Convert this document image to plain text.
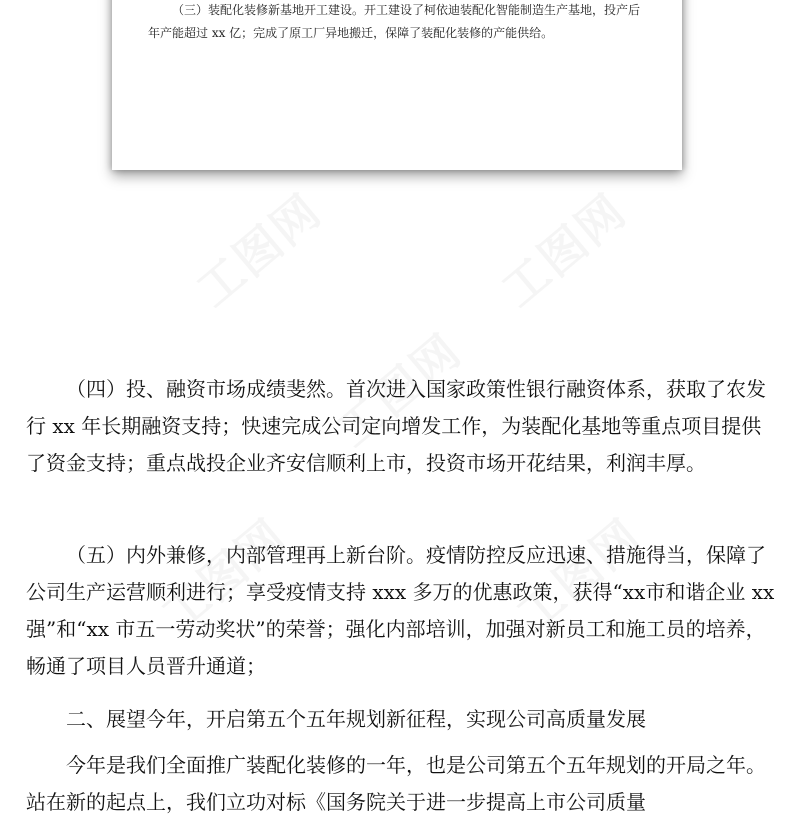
（三）装配化装修新基地开工建设。开工建设了柯依迪装配化智能制造生产基地，投产后年产能超过 xx 亿；完成了原工厂异地搬迁，保障了装配化装修的产能供给。

工图网	工图网
工图网
工图网	工图网

（四）投、融资市场成绩斐然。首次进入国家政策性银行融资体系，获取了农发行 xx 年长期融资支持；快速完成公司定向增发工作，为装配化基地等重点项目提供了资金支持；重点战投企业齐安信顺利上市，投资市场开花结果，利润丰厚。

（五）内外兼修，内部管理再上新台阶。疫情防控反应迅速、措施得当，保障了公司生产运营顺利进行；享受疫情支持 xxx 多万的优惠政策，获得“xx市和谐企业 xx 强”和“xx 市五一劳动奖状”的荣誉；强化内部培训，加强对新员工和施工员的培养，畅通了项目人员晋升通道；

二、展望今年，开启第五个五年规划新征程，实现公司高质量发展

今年是我们全面推广装配化装修的一年，也是公司第五个五年规划的开局之年。站在新的起点上，我们立功对标《国务院关于进一步提高上市公司质量
